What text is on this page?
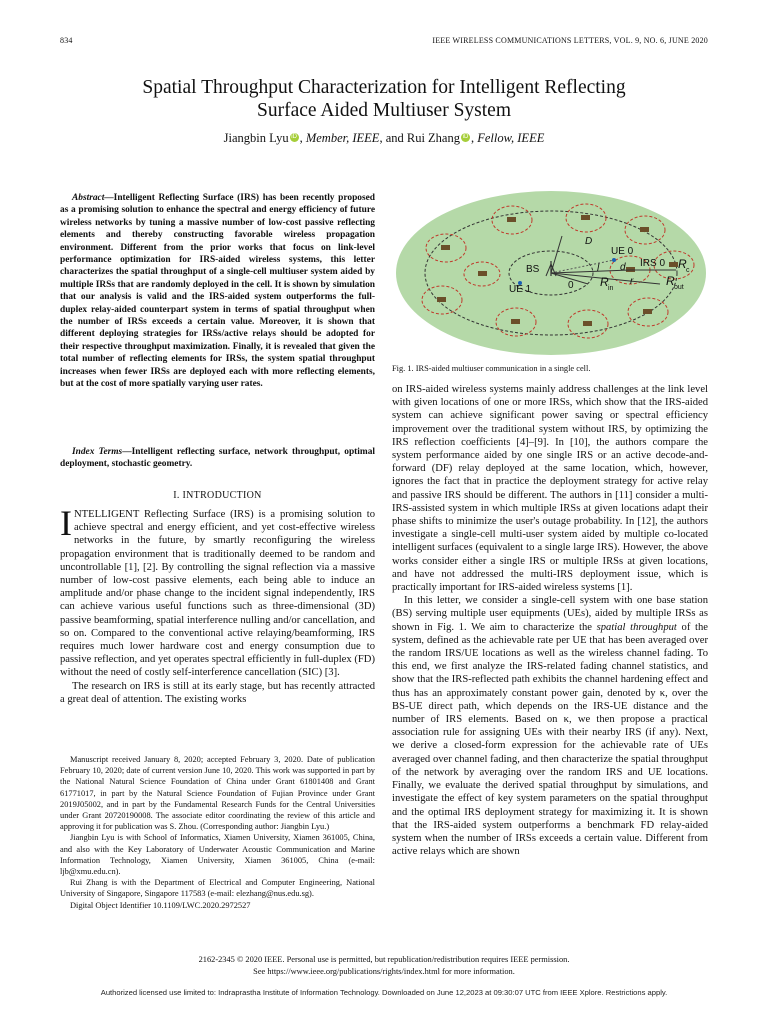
834	IEEE WIRELESS COMMUNICATIONS LETTERS, VOL. 9, NO. 6, JUNE 2020
Spatial Throughput Characterization for Intelligent Reflecting
Surface Aided Multiuser System
Jiangbin Lyu iD , Member, IEEE, and Rui Zhang iD , Fellow, IEEE

Abstract—Intelligent Reflecting Surface (IRS) has been recently proposed as a promising solution to enhance the spectral and energy efficiency of future wireless networks by tuning a massive number of low-cost passive reflecting elements and thereby constructing favorable wireless propagation environment. Different from the prior works that focus on link-level performance optimization for IRS-aided wireless systems, this letter characterizes the spatial throughput of a single-cell multiuser system aided by multiple IRSs that are randomly deployed in the cell. It is shown by simulation that our analysis is valid and the IRS-aided system outperforms the full-duplex relay-aided counterpart system in terms of spatial throughput when the number of IRSs exceeds a certain value. Moreover, it is shown that different deploying strategies for IRSs/active relays should be adopted for their respective throughput maximization. Finally, it is revealed that given the total number of reflecting elements for IRSs, the system spatial throughput increases when fewer IRSs are deployed each with more reflecting elements, but at the cost of more spatially varying user rates.

Index Terms—Intelligent reflecting surface, network throughput, optimal deployment, stochastic geometry.

I. INTRODUCTION

INTELLIGENT Reflecting Surface (IRS) is a promising solution to achieve spectral and energy efficient, and yet cost-effective wireless networks in the future, by smartly reconfiguring the wireless propagation environment that is traditionally deemed to be random and uncontrollable [1], [2]. By controlling the signal reflection via a massive number of low-cost passive elements, each being able to induce an amplitude and/or phase change to the incident signal independently, IRS can achieve various useful functions such as three-dimensional (3D) passive beamforming, spatial interference nulling and/or cancellation, and so on. Compared to the conventional active relaying/beamforming, IRS requires much lower hardware cost and energy consumption due to passive reflection, and yet operates spectral efficiently in full-duplex (FD) without the need of costly self-interference cancellation (SIC) [3].

The research on IRS is still at its early stage, but has recently attracted a great deal of attention. The existing works

Manuscript received January 8, 2020; accepted February 3, 2020. Date of publication February 10, 2020; date of current version June 10, 2020. This work was supported in part by the National Natural Science Foundation of China under Grant 61801408 and Grant 61771017, in part by the Natural Science Foundation of Fujian Province under Grant 2019J05002, and in part by the Fundamental Research Funds for the Central Universities under Grant 20720190008. The associate editor coordinating the review of this article and approving it for publication was S. Zhou. (Corresponding author: Jiangbin Lyu.)

Jiangbin Lyu is with School of Informatics, Xiamen University, Xiamen 361005, China, and also with the Key Laboratory of Underwater Acoustic Communication and Marine Information Technology, Xiamen University, Xiamen 361005, China (e-mail: ljb@xmu.edu.cn).

Rui Zhang is with the Department of Electrical and Computer Engineering, National University of Singapore, Singapore 117583 (e-mail: elezhang@nus.edu.sg).

Digital Object Identifier 10.1109/LWC.2020.2972527

D
UE 0
BS
IRS 0
UE 1	0
l d
r
R in
R out
R c
Fig. 1. IRS-aided multiuser communication in a single cell.

on IRS-aided wireless systems mainly address challenges at the link level with given locations of one or more IRSs, which show that the IRS-aided system can achieve significant power saving or spectral efficiency improvement over the traditional system without IRS, by optimizing the IRS reflection coefficients [4]–[9]. In [10], the authors compare the system performance aided by one single IRS or an active decode-and-forward (DF) relay deployed at the same location, which, however, ignores the fact that in practice the deployment strategy for active relay and passive IRS should be different. The authors in [11] consider a multi-IRS-assisted system in which multiple IRSs at given locations adapt their phase shifts to minimize the user's outage probability. In [12], the authors investigate a single-cell multi-user system aided by multiple co-located intelligent surfaces (equivalent to a single large IRS). However, the above works consider either a single IRS or multiple IRSs at given locations, and have not addressed the multi-IRS deployment issue, which is practically important for IRS-aided wireless systems [1].

In this letter, we consider a single-cell system with one base station (BS) serving multiple user equipments (UEs), aided by multiple IRSs as shown in Fig. 1. We aim to characterize the spatial throughput of the system, defined as the achievable rate per UE that has been averaged over the random IRS/UE locations as well as the wireless channel fading. To this end, we first analyze the IRS-related fading channel statistics, and show that the IRS-reflected path exhibits the channel hardening effect and thus has an approximately constant power gain, denoted by κ, over the BS-UE direct path, which depends on the IRS-UE distance and the number of IRS elements. Based on κ, we then propose a practical association rule for assigning UEs with their nearby IRS (if any). Next, we derive a closed-form expression for the achievable rate of UEs averaged over channel fading, and then characterize the spatial throughput of the network by averaging over the random IRS and UE locations. Finally, we evaluate the derived spatial throughput by simulations, and investigate the effect of key system parameters on the spatial throughput and the optimal IRS deployment strategy for maximizing it. It is shown that the IRS-aided system outperforms a benchmark FD relay-aided system when the number of IRSs exceeds a certain value. Different from active relays which are shown

2162-2345 © 2020 IEEE. Personal use is permitted, but republication/redistribution requires IEEE permission.
See https://www.ieee.org/publications/rights/index.html for more information.
Authorized licensed use limited to: Indraprastha Institute of Information Technology. Downloaded on June 12,2023 at 09:30:07 UTC from IEEE Xplore. Restrictions apply.
